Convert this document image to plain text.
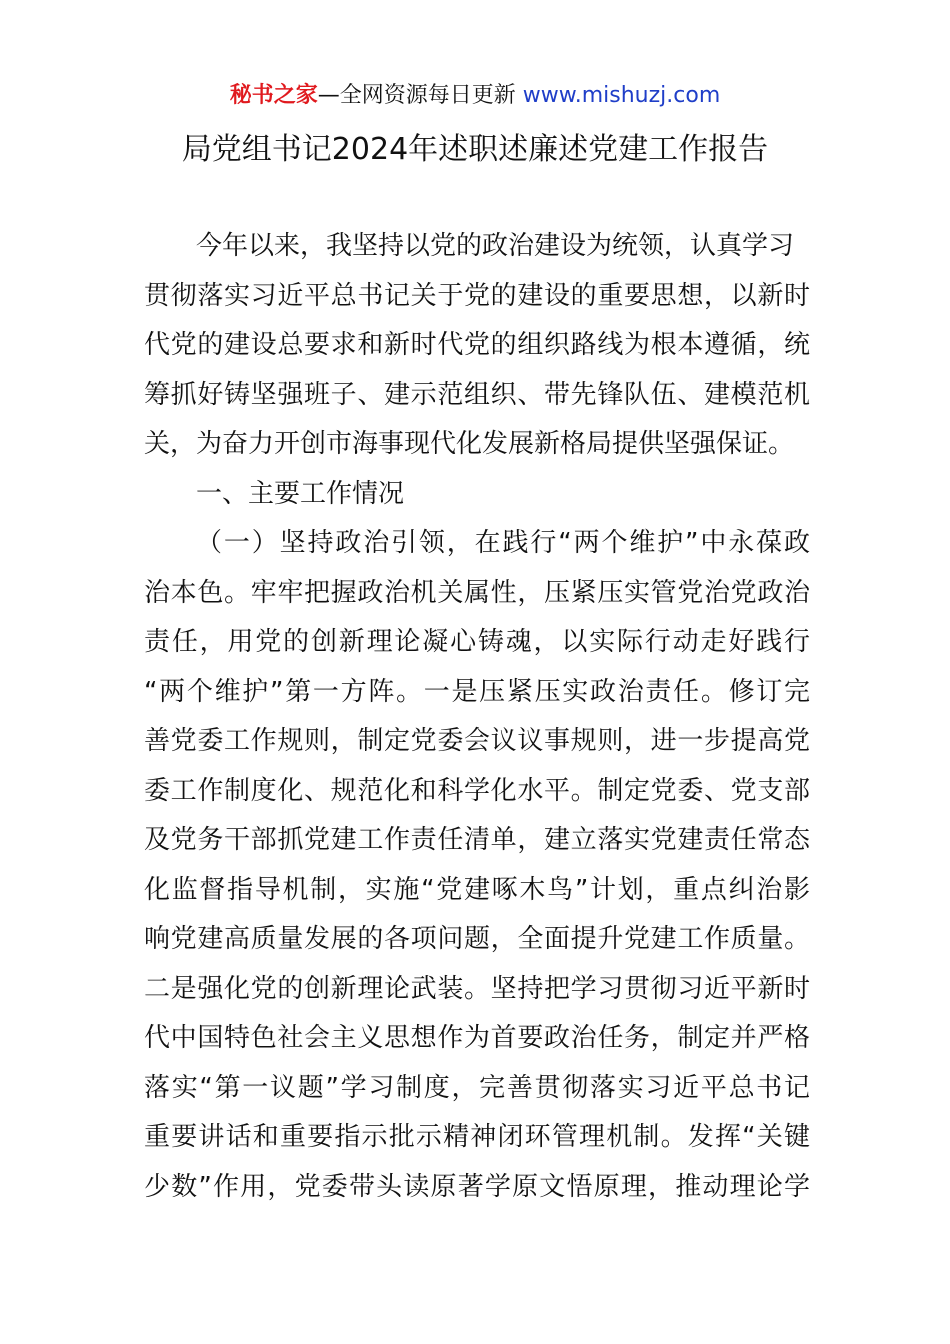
秘书之家—全网资源每日更新 www.mishuzj.com
局党组书记2024年述职述廉述党建工作报告
今年以来，我坚持以党的政治建设为统领，认真学习
贯彻落实习近平总书记关于党的建设的重要思想，以新时
代党的建设总要求和新时代党的组织路线为根本遵循，统
筹抓好铸坚强班子、建示范组织、带先锋队伍、建模范机
关，为奋力开创市海事现代化发展新格局提供坚强保证。
一、主要工作情况
（一）坚持政治引领，在践行“两个维护”中永葆政
治本色。牢牢把握政治机关属性，压紧压实管党治党政治
责任，用党的创新理论凝心铸魂，以实际行动走好践行
“两个维护”第一方阵。一是压紧压实政治责任。修订完
善党委工作规则，制定党委会议议事规则，进一步提高党
委工作制度化、规范化和科学化水平。制定党委、党支部
及党务干部抓党建工作责任清单，建立落实党建责任常态
化监督指导机制，实施“党建啄木鸟”计划，重点纠治影
响党建高质量发展的各项问题，全面提升党建工作质量。
二是强化党的创新理论武装。坚持把学习贯彻习近平新时
代中国特色社会主义思想作为首要政治任务，制定并严格
落实“第一议题”学习制度，完善贯彻落实习近平总书记
重要讲话和重要指示批示精神闭环管理机制。发挥“关键
少数”作用，党委带头读原著学原文悟原理，推动理论学
